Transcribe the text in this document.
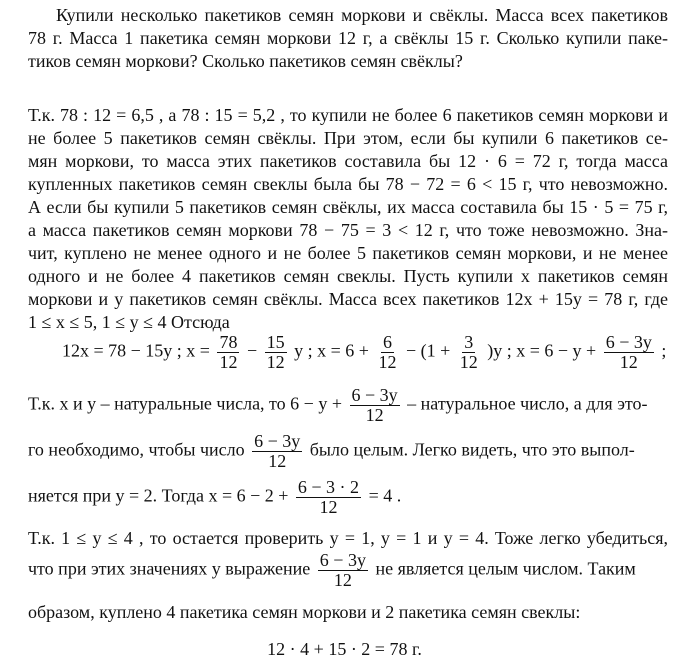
Купили несколько пакетиков семян моркови и свёклы. Масса всех пакетиков
78 г. Масса 1 пакетика семян моркови 12 г, а свёклы 15 г. Сколько купили паке-
тиков семян моркови? Сколько пакетиков семян свёклы?
Т.к. 78 : 12 = 6,5 , а 78 : 15 = 5,2 , то купили не более 6 пакетиков семян моркови и
не более 5 пакетиков семян свёклы. При этом, если бы купили 6 пакетиков се-
мян моркови, то масса этих пакетиков составила бы 12 · 6 = 72 г, тогда масса
купленных пакетиков семян свеклы была бы 78 − 72 = 6 < 15 г, что невозможно.
А если бы купили 5 пакетиков семян свёклы, их масса составила бы 15 · 5 = 75 г,
а масса пакетиков семян моркови 78 − 75 = 3 < 12 г, что тоже невозможно. Зна-
чит, куплено не менее одного и не более 5 пакетиков семян моркови, и не менее
одного и не более 4 пакетиков семян свеклы. Пусть купили x пакетиков семян
моркови и y пакетиков семян свёклы. Масса всех пакетиков 12x + 15y = 78 г, где
1 ≤ x ≤ 5, 1 ≤ y ≤ 4 Отсюда
12x = 78 − 15y ; $x = \frac{78}{12} - \frac{15}{12}$ y ; $x = 6 + \frac{6}{12} - (1 + \frac{3}{12} )y$ ; $x = 6 - y + \frac{6 - 3y}{12}$ ;
Т.к. x и y – натуральные числа, то $6 - y + \frac{6 - 3y}{12}$ – натуральное число, а для это-
го необходимо, чтобы число $\frac{6 - 3y}{12}$ было целым. Легко видеть, что это выпол-
няется при y = 2. Тогда $x = 6 - 2 + \frac{6 - 3 \cdot 2}{12} = 4$ .
Т.к. 1 ≤ y ≤ 4 , то остается проверить y = 1, y = 1 и y = 4. Тоже легко убедиться,
что при этих значениях y выражение $\frac{6 - 3y}{12}$ не является целым числом. Таким
образом, куплено 4 пакетика семян моркови и 2 пакетика семян свеклы:
12 · 4 + 15 · 2 = 78 г.
